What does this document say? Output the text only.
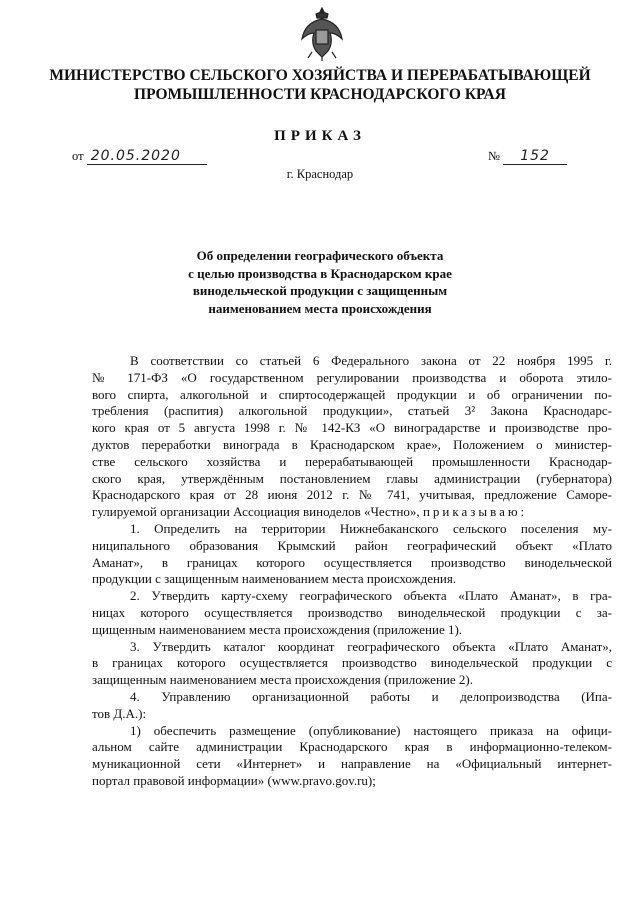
МИНИСТЕРСТВО СЕЛЬСКОГО ХОЗЯЙСТВА И ПЕРЕРАБАТЫВАЮЩЕЙ
ПРОМЫШЛЕННОСТИ КРАСНОДАРСКОГО КРАЯ
ПРИКАЗ
от 20.05.2020	№ 152
г. Краснодар
Об определении географического объекта
с целью производства в Краснодарском крае
винодельческой продукции с защищенным
наименованием места происхождения
В соответствии со статьей 6 Федерального закона от 22 ноября 1995 г.
№ 171-ФЗ «О государственном регулировании производства и оборота этило-
вого спирта, алкогольной и спиртосодержащей продукции и об ограничении по-
требления (распития) алкогольной продукции», статьей 3² Закона Краснодарс-
кого края от 5 августа 1998 г. № 142-КЗ «О виноградарстве и производстве про-
дуктов переработки винограда в Краснодарском крае», Положением о министер-
стве сельского хозяйства и перерабатывающей промышленности Краснодар-
ского края, утверждённым постановлением главы администрации (губернатора)
Краснодарского края от 28 июня 2012 г. № 741, учитывая, предложение Саморе-
гулируемой организации Ассоциация виноделов «Честно», приказываю:
1. Определить на территории Нижнебаканского сельского поселения му-
ниципального образования Крымский район географический объект «Плато
Аманат», в границах которого осуществляется производство винодельческой
продукции с защищенным наименованием места происхождения.
2. Утвердить карту-схему географического объекта «Плато Аманат», в гра-
ницах которого осуществляется производство винодельческой продукции с за-
щищенным наименованием места происхождения (приложение 1).
3. Утвердить каталог координат географического объекта «Плато Аманат»,
в границах которого осуществляется производство винодельческой продукции с
защищенным наименованием места происхождения (приложение 2).
4. Управлению организационной работы и делопроизводства (Ипа-
тов Д.А.):
1) обеспечить размещение (опубликование) настоящего приказа на офици-
альном сайте администрации Краснодарского края в информационно-телеком-
муникационной сети «Интернет» и направление на «Официальный интернет-
портал правовой информации» (www.pravo.gov.ru);
